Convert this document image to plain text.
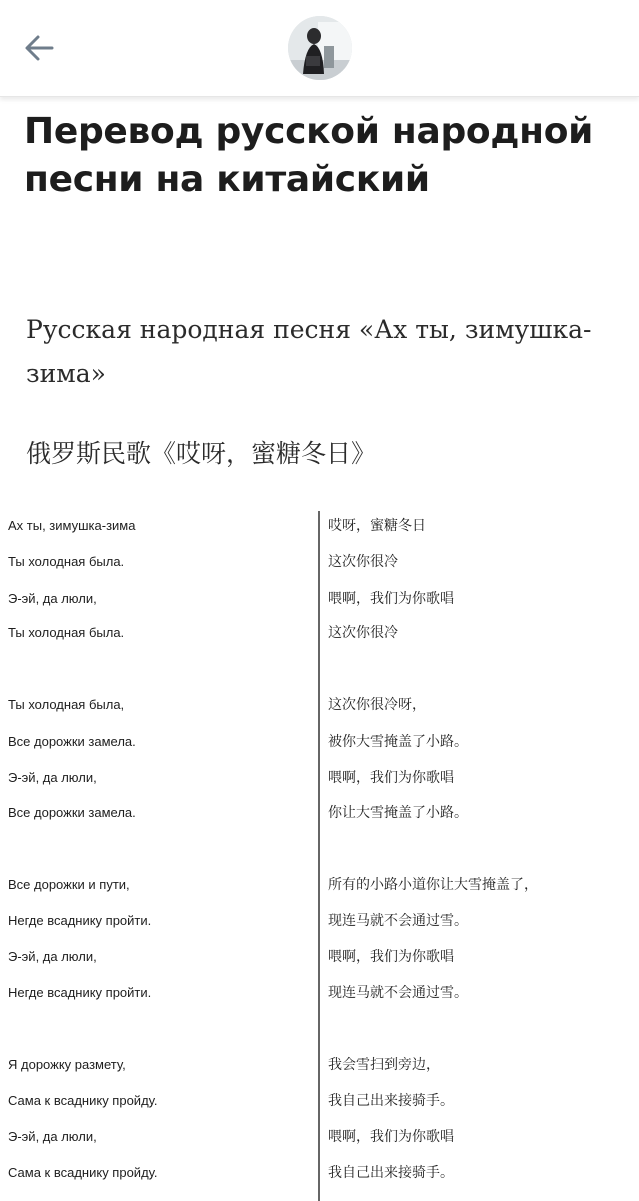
Перевод русской народной песни на китайский

Русская народная песня «Ах ты, зимушка-зима»

俄罗斯民歌《哎呀，蜜糖冬日》

Ах ты, зимушка-зима
Ты холодная была.
Э-эй, да люли,
Ты холодная была.
Ты холодная была,
Все дорожки замела.
Э-эй, да люли,
Все дорожки замела.
Все дорожки и пути,
Негде всаднику пройти.
Э-эй, да люли,
Негде всаднику пройти.
Я дорожку размету,
Сама к всаднику пройду.
Э-эй, да люли,
Сама к всаднику пройду.
哎呀，蜜糖冬日
这次你很冷
喂啊，我们为你歌唱
这次你很冷
这次你很冷呀，
被你大雪掩盖了小路。
喂啊，我们为你歌唱
你让大雪掩盖了小路。
所有的小路小道你让大雪掩盖了，
现连马就不会通过雪。
喂啊，我们为你歌唱
现连马就不会通过雪。
我会雪扫到旁边，
我自己出来接骑手。
喂啊，我们为你歌唱
我自己出来接骑手。
